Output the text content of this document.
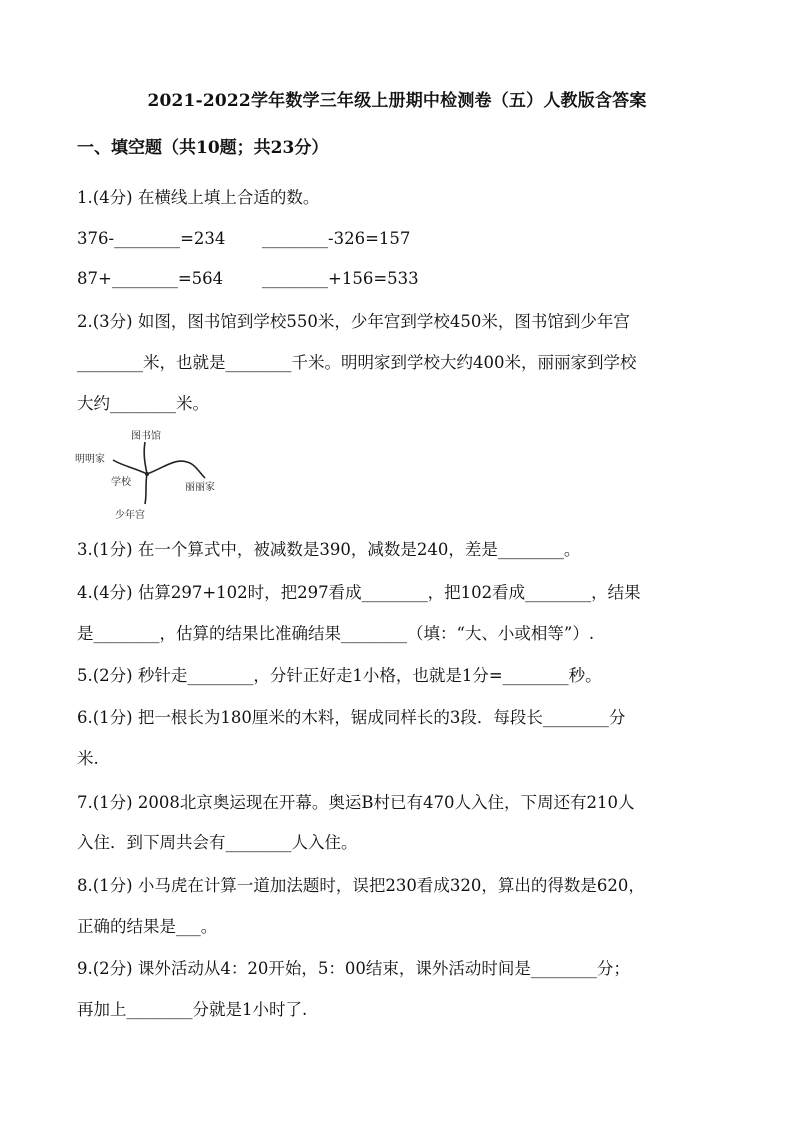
2021-2022学年数学三年级上册期中检测卷（五）人教版含答案
一、填空题（共10题；共23分）
1.(4分) 在横线上填上合适的数。
376-________=234 ________-326=157
87+________=564 ________+156=533
2.(3分) 如图，图书馆到学校550米，少年宫到学校450米，图书馆到少年宫
________米，也就是________千米。明明家到学校大约400米，丽丽家到学校
大约________米。
图书馆
明明家
学校	丽丽家
少年宫
3.(1分) 在一个算式中，被减数是390，减数是240，差是________。
4.(4分) 估算297+102时，把297看成________，把102看成________，结果
是________，估算的结果比准确结果________（填：“大、小或相等”）.
5.(2分) 秒针走________，分针正好走1小格，也就是1分=________秒。
6.(1分) 把一根长为180厘米的木料，锯成同样长的3段．每段长________分
米.
7.(1分) 2008北京奥运现在开幕。奥运B村已有470人入住，下周还有210人
入住．到下周共会有________人入住。
8.(1分) 小马虎在计算一道加法题时，误把230看成320，算出的得数是620，
正确的结果是___。
9.(2分) 课外活动从4：20开始，5：00结束，课外活动时间是________分；
再加上________分就是1小时了.
